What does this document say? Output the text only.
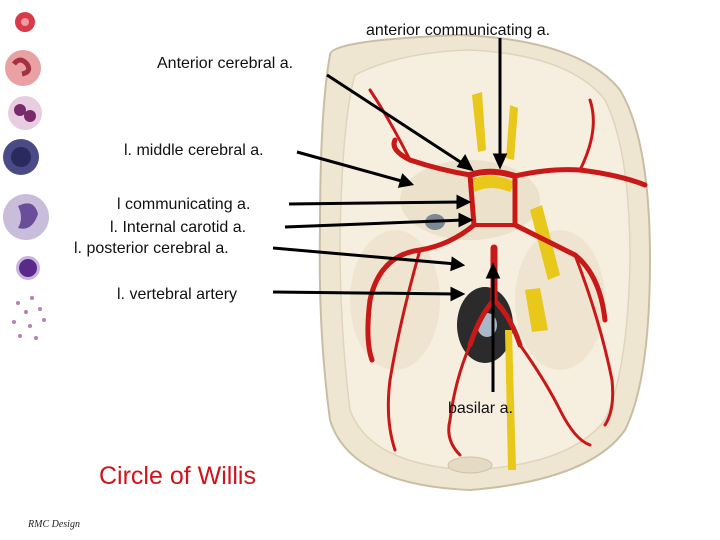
anterior communicating a.
Anterior cerebral a.
l. middle cerebral a.
l communicating a.
l. Internal carotid a.
l. posterior cerebral a.
l. vertebral artery
basilar a.
Circle of Willis
RMC Design
